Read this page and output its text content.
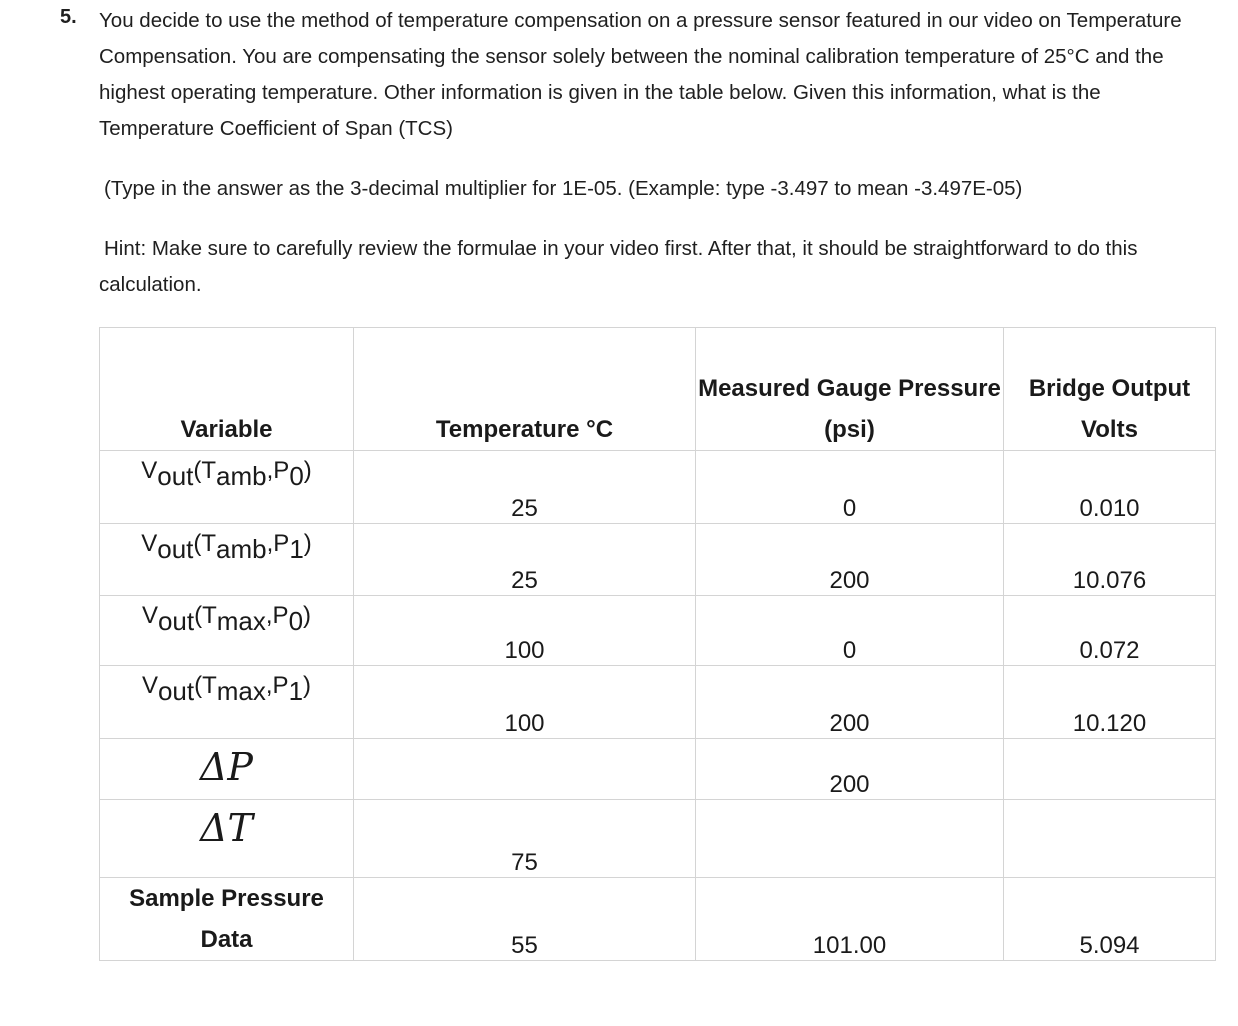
5. You decide to use the method of temperature compensation on a pressure sensor featured in our video on Temperature Compensation. You are compensating the sensor solely between the nominal calibration temperature of 25°C and the highest operating temperature. Other information is given in the table below. Given this information, what is the Temperature Coefficient of Span (TCS)

(Type in the answer as the 3-decimal multiplier for 1E-05. (Example: type -3.497 to mean -3.497E-05)
Hint: Make sure to carefully review the formulae in your video first. After that, it should be straightforward to do this calculation.
Variable	Temperature °C	Measured Gauge Pressure (psi)	Bridge Output Volts
$V_{out}(T_{amb},P_0)$	25	0	0.010
$V_{out}(T_{amb},P_1)$	25	200	10.076
$V_{out}(T_{max},P_0)$	100	0	0.072
$V_{out}(T_{max},P_1)$	100	200	10.120
ΔP		200	
ΔT	75		
Sample Pressure Data	55	101.00	5.094
